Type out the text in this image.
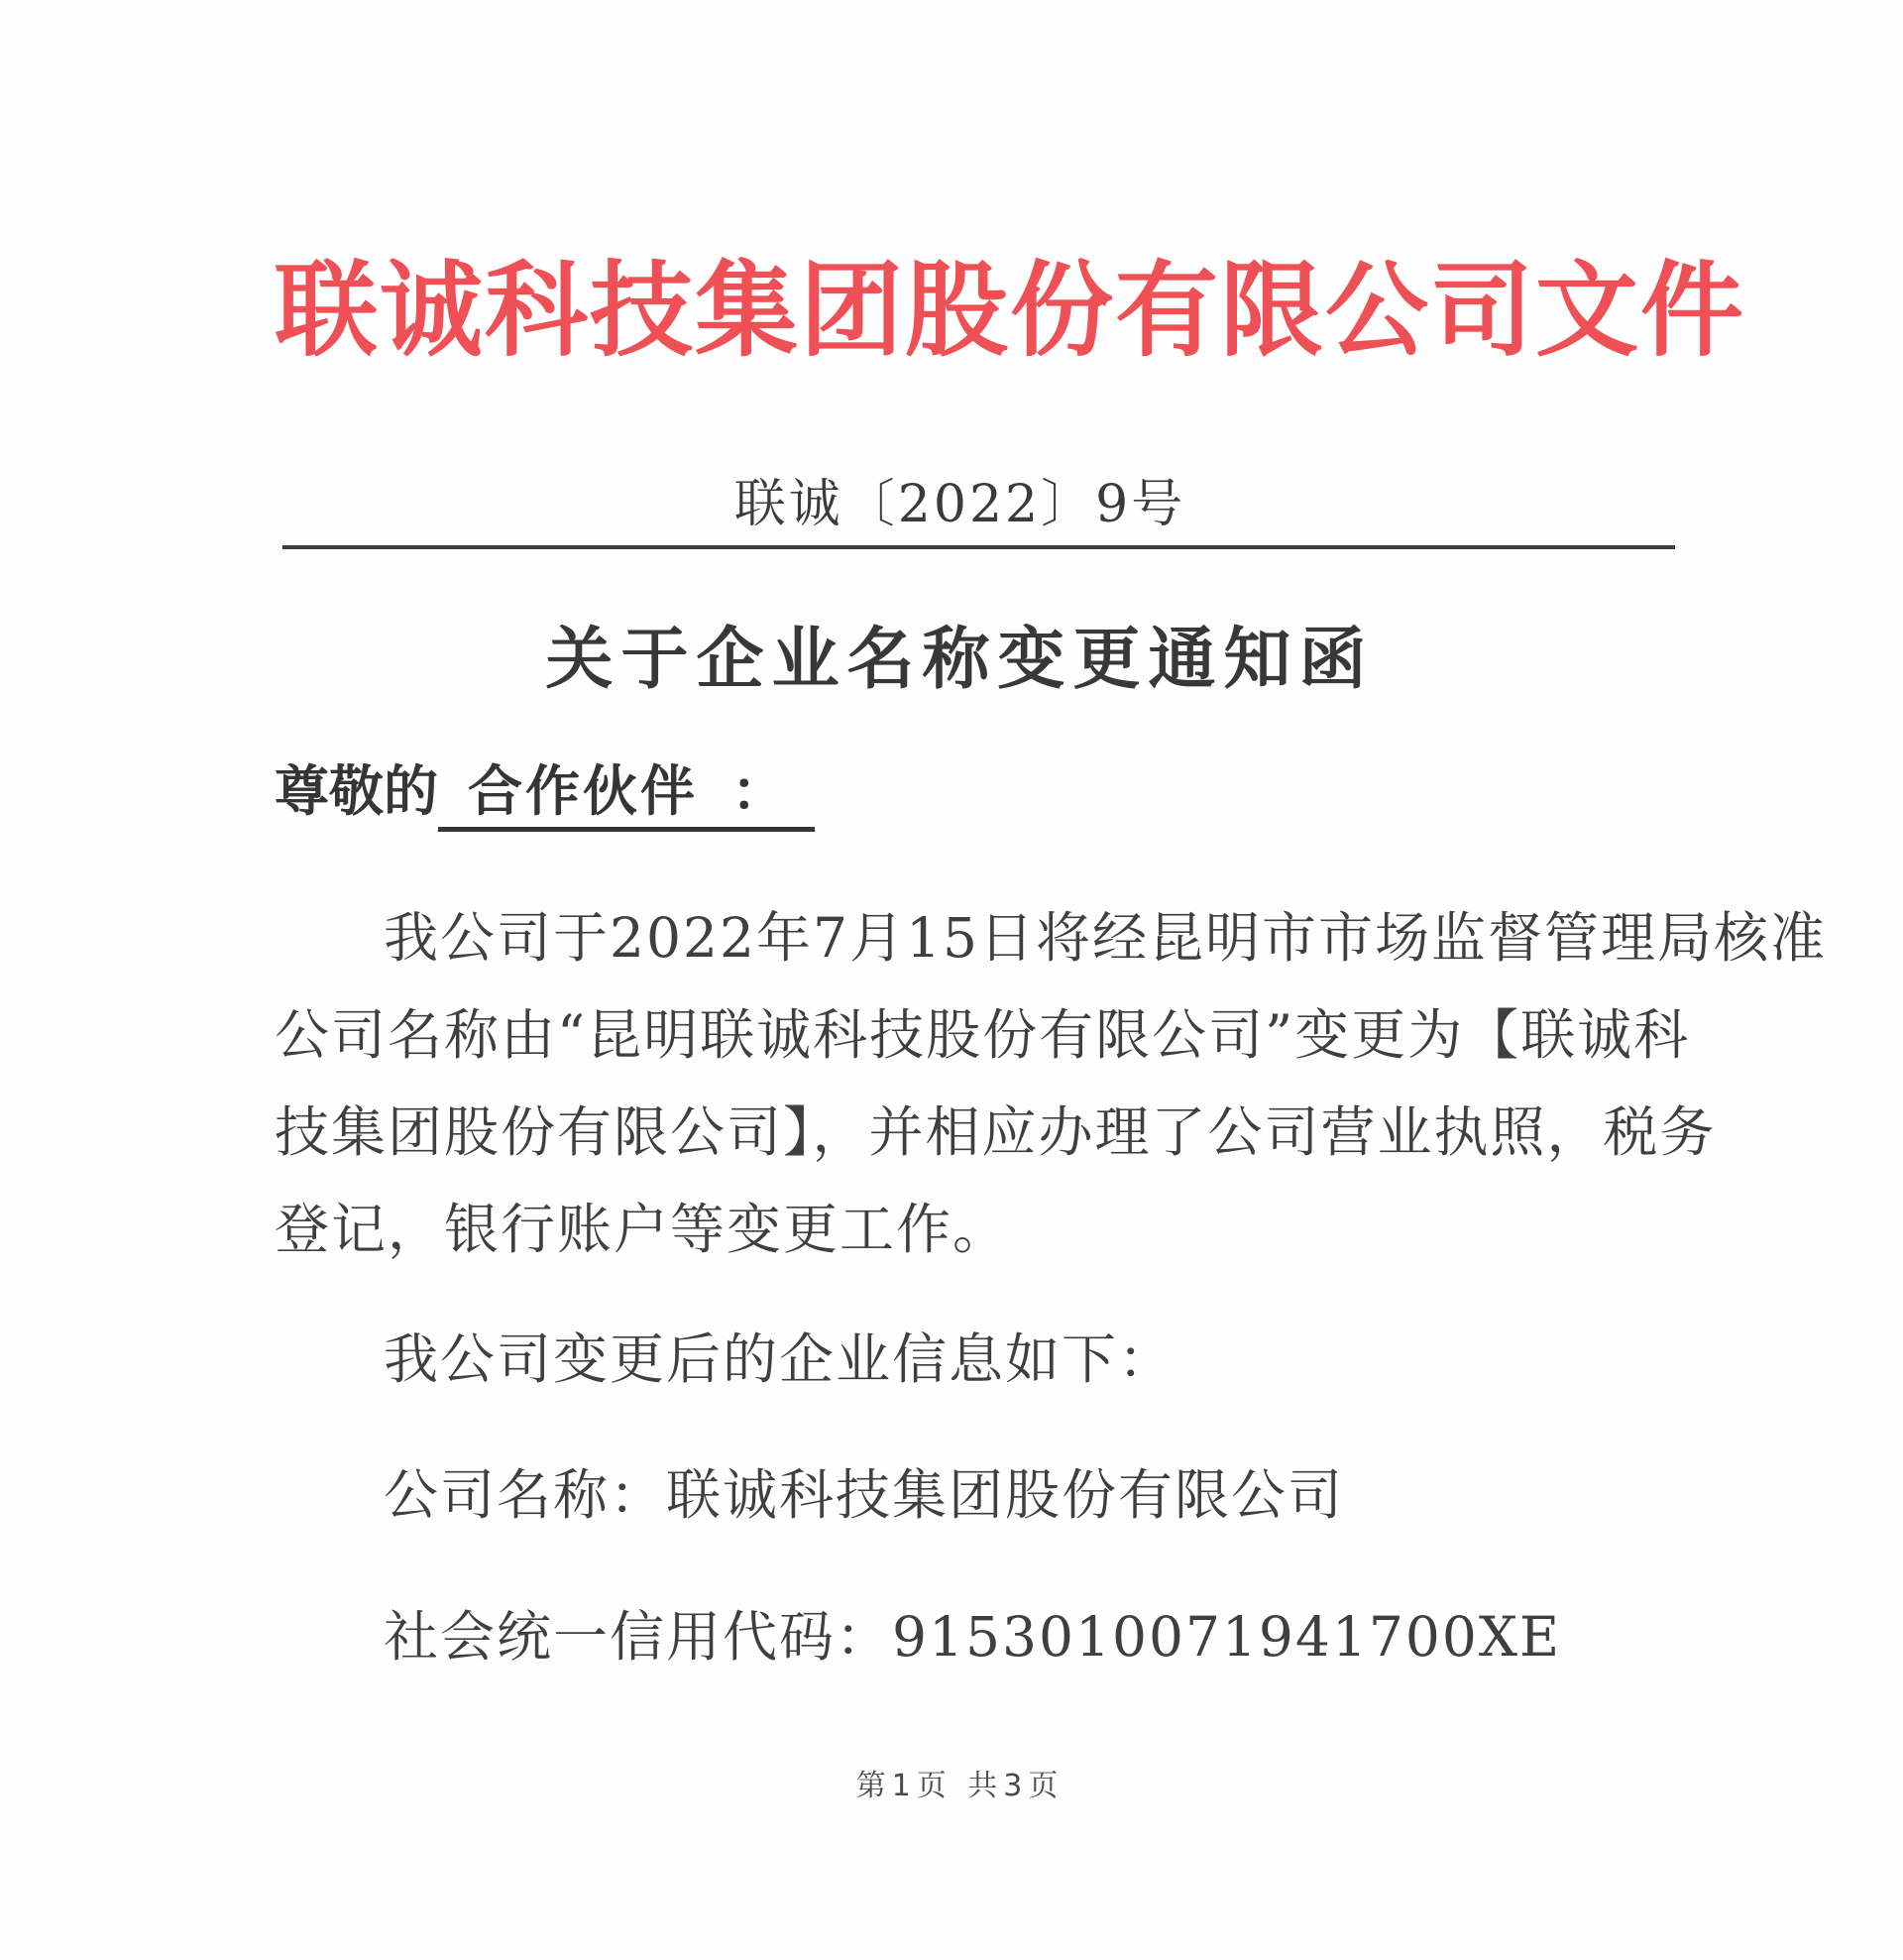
联诚科技集团股份有限公司文件
联诚〔2022〕9号
关于企业名称变更通知函
尊敬的 合作伙伴 ：
我公司于2022年7月15日将经昆明市市场监督管理局核准
公司名称由“昆明联诚科技股份有限公司”变更为【联诚科
技集团股份有限公司】，并相应办理了公司营业执照，税务
登记，银行账户等变更工作。
我公司变更后的企业信息如下：
公司名称：联诚科技集团股份有限公司
社会统一信用代码：9153010071941700XE
第1页 共3页
